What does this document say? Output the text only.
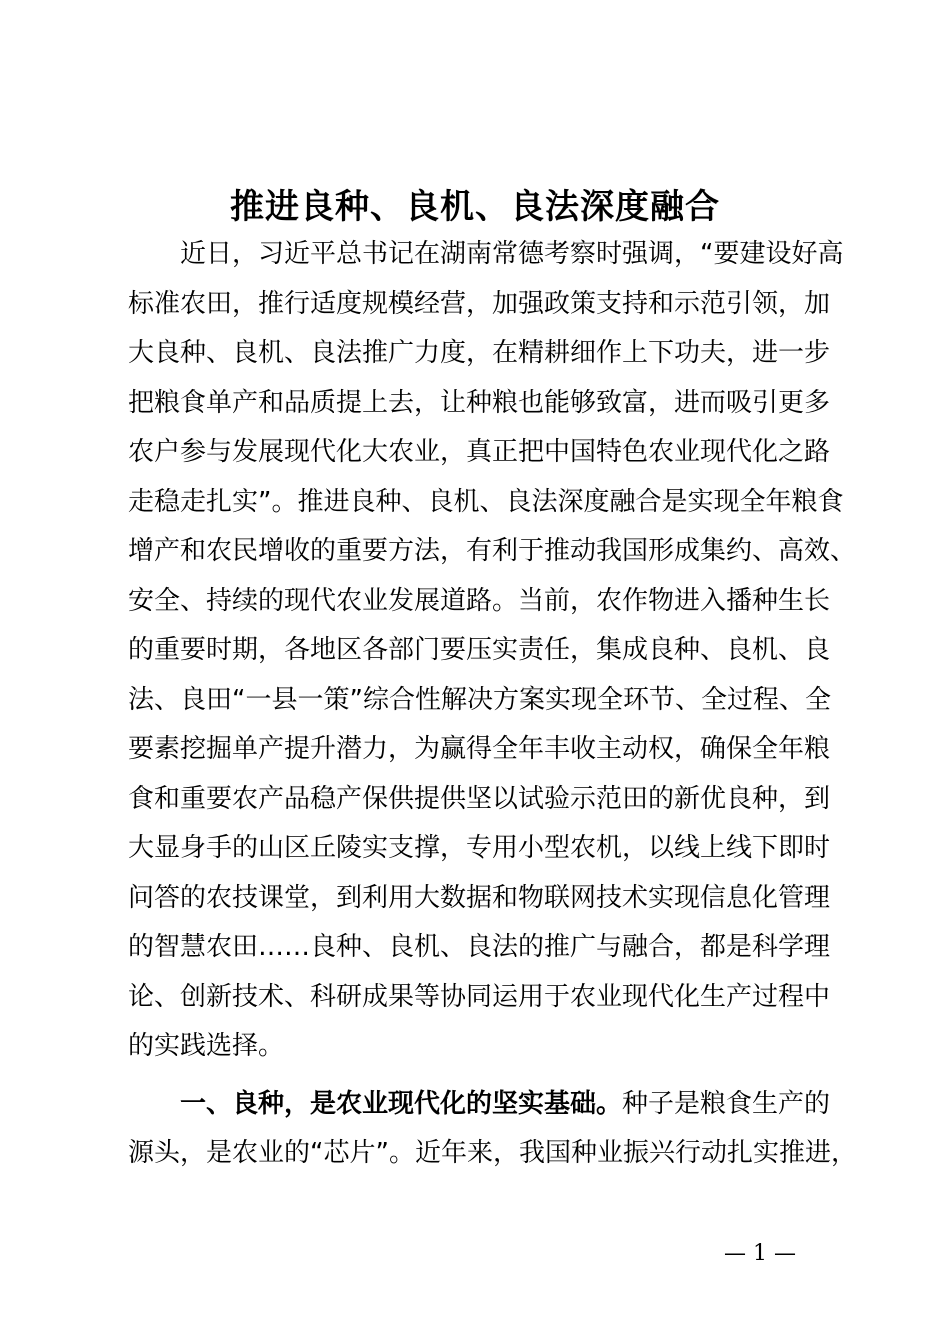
推进良种、良机、良法深度融合
近日，习近平总书记在湖南常德考察时强调，“要建设好高
标准农田，推行适度规模经营，加强政策支持和示范引领，加
大良种、良机、良法推广力度，在精耕细作上下功夫，进一步
把粮食单产和品质提上去，让种粮也能够致富，进而吸引更多
农户参与发展现代化大农业，真正把中国特色农业现代化之路
走稳走扎实”。推进良种、良机、良法深度融合是实现全年粮食
增产和农民增收的重要方法，有利于推动我国形成集约、高效、
安全、持续的现代农业发展道路。当前，农作物进入播种生长
的重要时期，各地区各部门要压实责任，集成良种、良机、良
法、良田“一县一策”综合性解决方案实现全环节、全过程、全
要素挖掘单产提升潜力，为赢得全年丰收主动权，确保全年粮
食和重要农产品稳产保供提供坚以试验示范田的新优良种，到
大显身手的山区丘陵实支撑，专用小型农机，以线上线下即时
问答的农技课堂，到利用大数据和物联网技术实现信息化管理
的智慧农田……良种、良机、良法的推广与融合，都是科学理
论、创新技术、科研成果等协同运用于农业现代化生产过程中
的实践选择。
一、良种，是农业现代化的坚实基础。种子是粮食生产的
源头，是农业的“芯片”。近年来，我国种业振兴行动扎实推进，
— 1 —
